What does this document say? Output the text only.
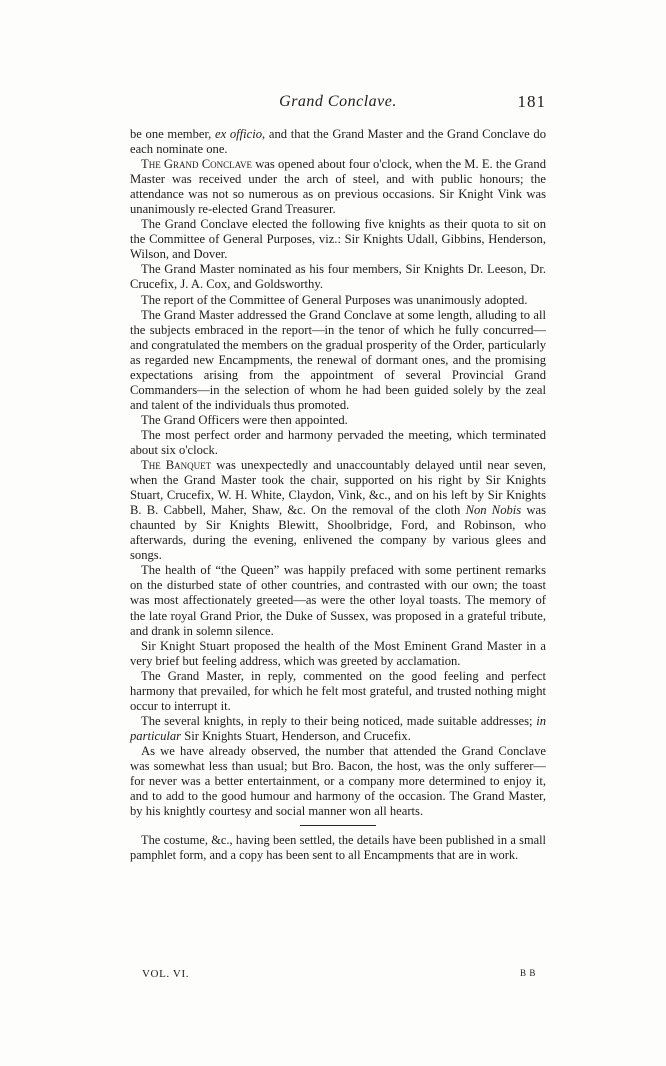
Grand Conclave.	181

be one member, ex officio, and that the Grand Master and the Grand Conclave do each nominate one.

The Grand Conclave was opened about four o'clock, when the M. E. the Grand Master was received under the arch of steel, and with public honours; the attendance was not so numerous as on previous occasions. Sir Knight Vink was unanimously re-elected Grand Treasurer.

The Grand Conclave elected the following five knights as their quota to sit on the Committee of General Purposes, viz.: Sir Knights Udall, Gibbins, Henderson, Wilson, and Dover.

The Grand Master nominated as his four members, Sir Knights Dr. Leeson, Dr. Crucefix, J. A. Cox, and Goldsworthy.

The report of the Committee of General Purposes was unanimously adopted.

The Grand Master addressed the Grand Conclave at some length, alluding to all the subjects embraced in the report—in the tenor of which he fully concurred—and congratulated the members on the gradual prosperity of the Order, particularly as regarded new Encampments, the renewal of dormant ones, and the promising expectations arising from the appointment of several Provincial Grand Commanders—in the selection of whom he had been guided solely by the zeal and talent of the individuals thus promoted.

The Grand Officers were then appointed.

The most perfect order and harmony pervaded the meeting, which terminated about six o'clock.

The Banquet was unexpectedly and unaccountably delayed until near seven, when the Grand Master took the chair, supported on his right by Sir Knights Stuart, Crucefix, W. H. White, Claydon, Vink, &c., and on his left by Sir Knights B. B. Cabbell, Maher, Shaw, &c. On the removal of the cloth Non Nobis was chaunted by Sir Knights Blewitt, Shoolbridge, Ford, and Robinson, who afterwards, during the evening, enlivened the company by various glees and songs.

The health of “the Queen” was happily prefaced with some pertinent remarks on the disturbed state of other countries, and contrasted with our own; the toast was most affectionately greeted—as were the other loyal toasts. The memory of the late royal Grand Prior, the Duke of Sussex, was proposed in a grateful tribute, and drank in solemn silence.

Sir Knight Stuart proposed the health of the Most Eminent Grand Master in a very brief but feeling address, which was greeted by acclamation.

The Grand Master, in reply, commented on the good feeling and perfect harmony that prevailed, for which he felt most grateful, and trusted nothing might occur to interrupt it.

The several knights, in reply to their being noticed, made suitable addresses; in particular Sir Knights Stuart, Henderson, and Crucefix.

As we have already observed, the number that attended the Grand Conclave was somewhat less than usual; but Bro. Bacon, the host, was the only sufferer—for never was a better entertainment, or a company more determined to enjoy it, and to add to the good humour and harmony of the occasion. The Grand Master, by his knightly courtesy and social manner won all hearts.

The costume, &c., having been settled, the details have been published in a small pamphlet form, and a copy has been sent to all Encampments that are in work.

VOL. VI.	B B
